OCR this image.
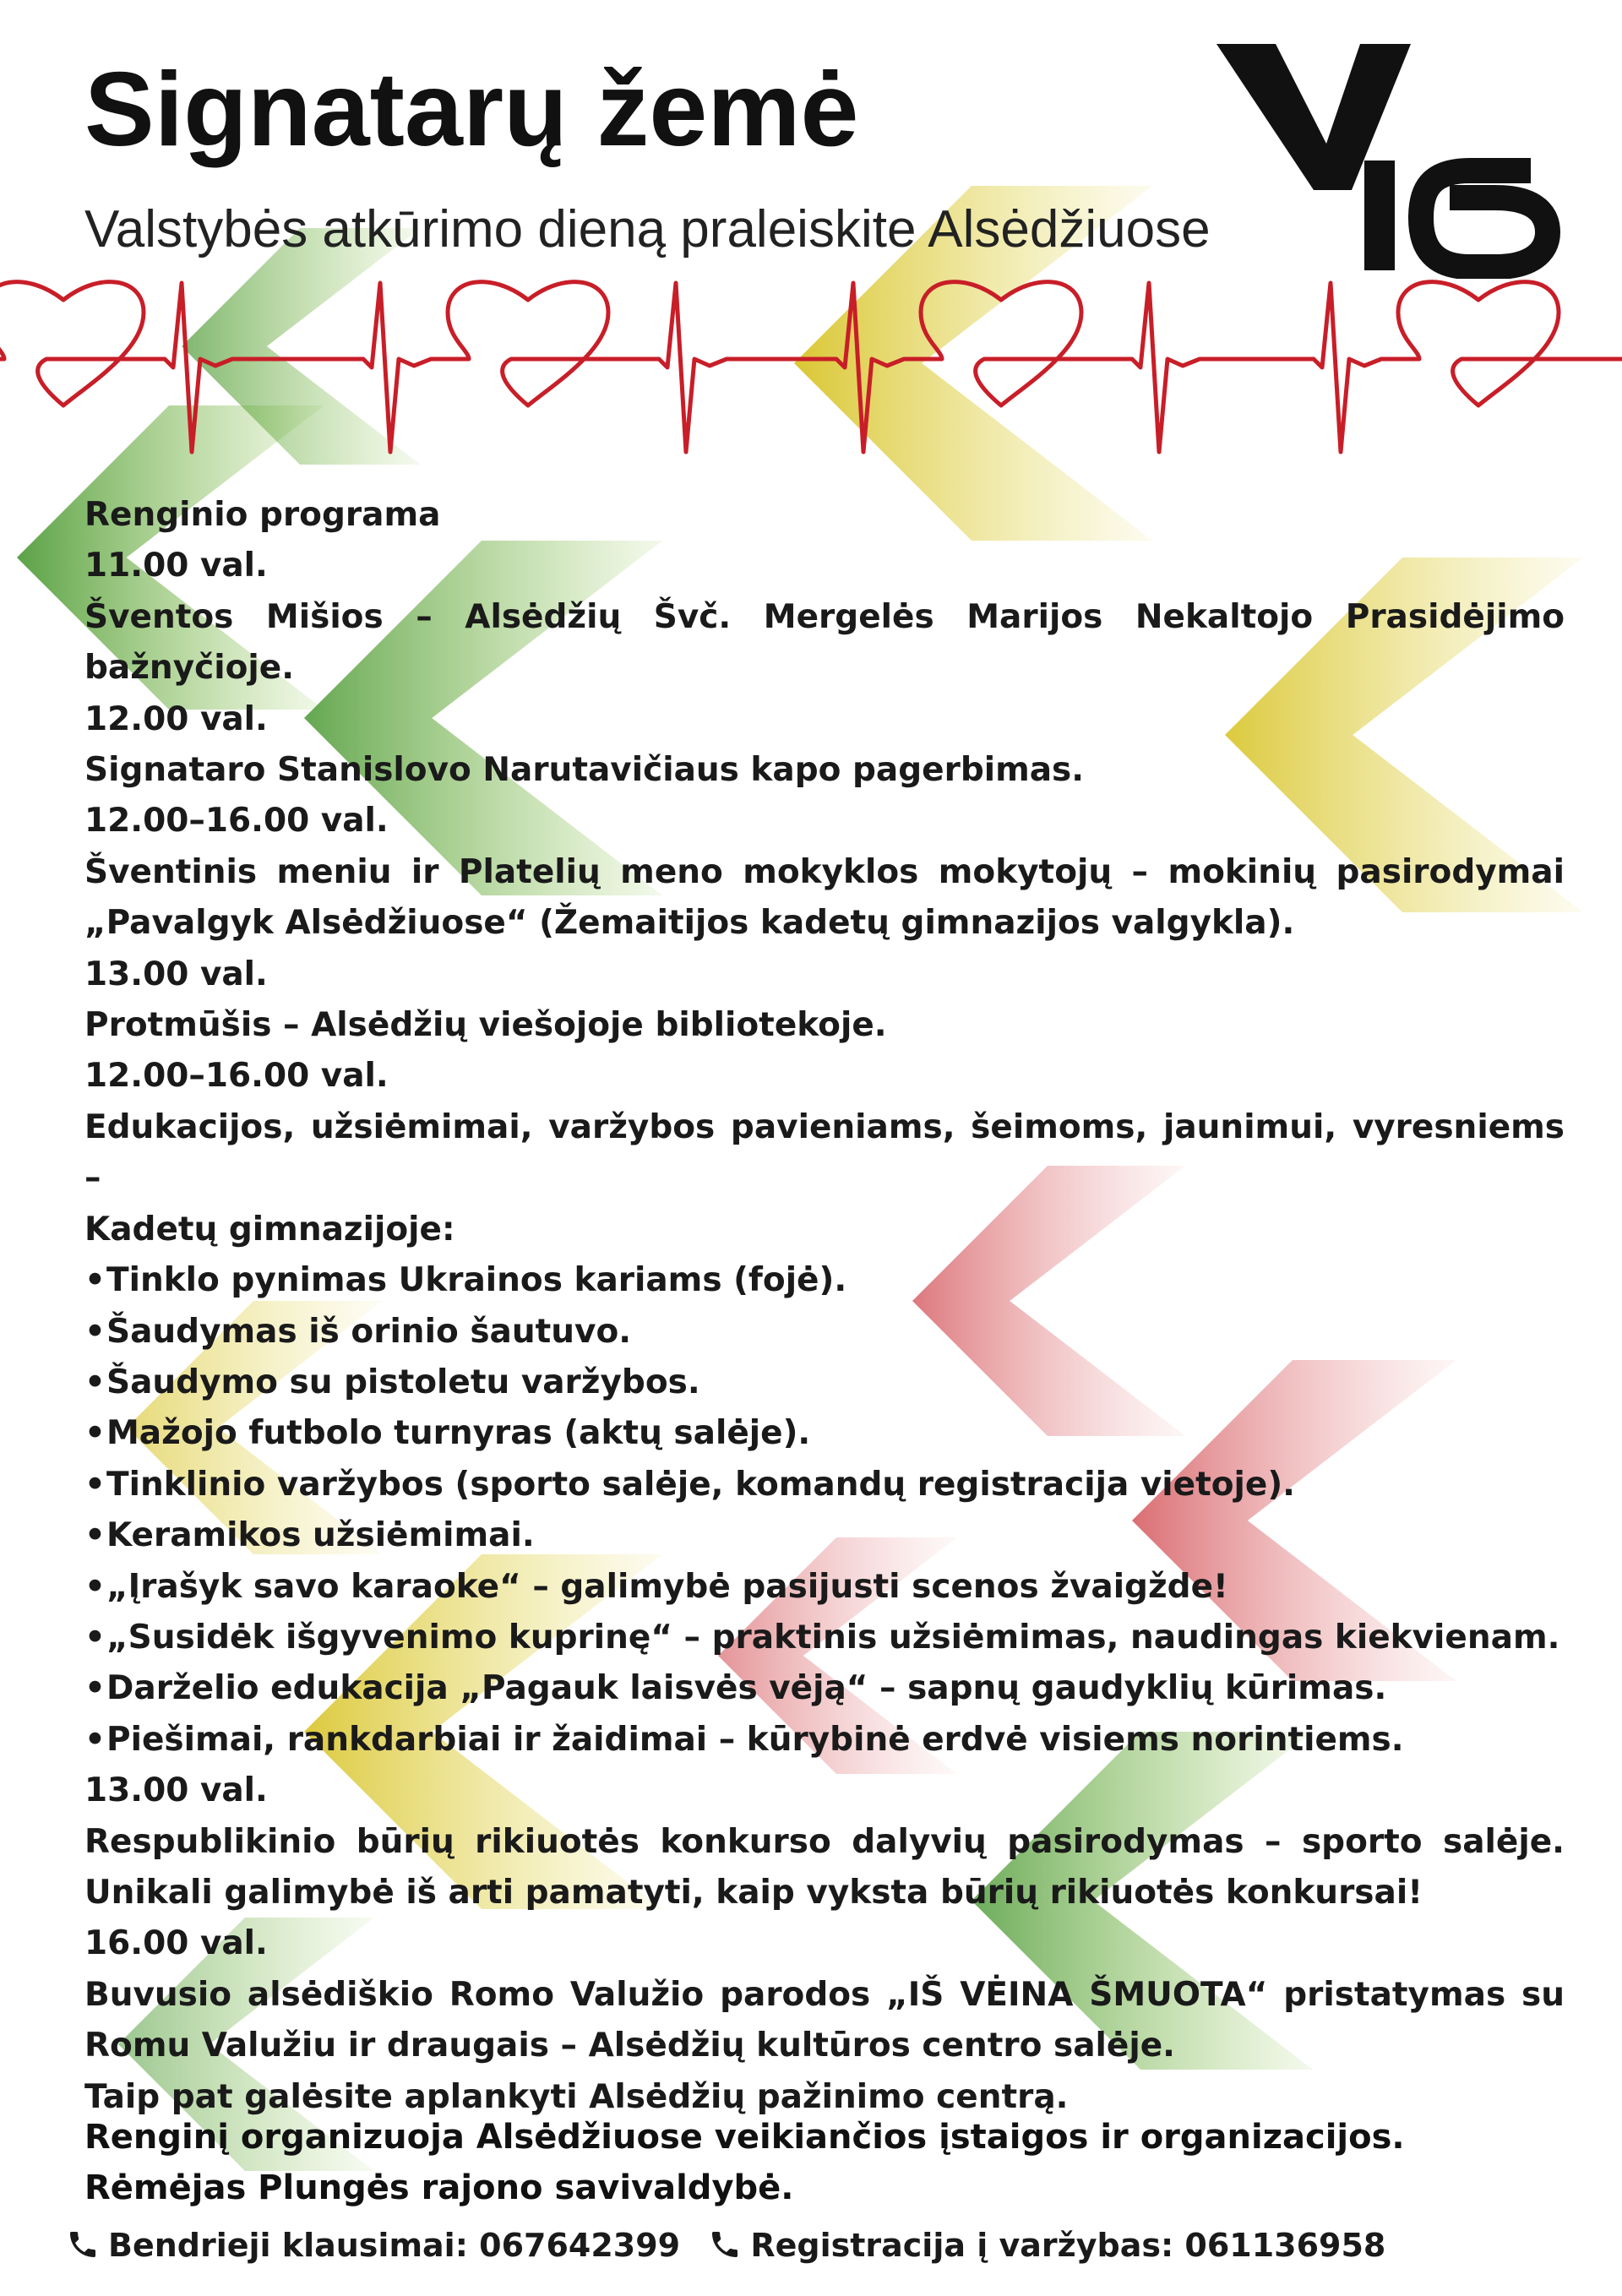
Signatarų žemė

Valstybės atkūrimo dieną praleiskite Alsėdžiuose

Renginio programa
11.00 val.
Šventos Mišios – Alsėdžių Švč. Mergelės Marijos Nekaltojo Prasidėjimo
bažnyčioje.
12.00 val.
Signataro Stanislovo Narutavičiaus kapo pagerbimas.
12.00–16.00 val.
Šventinis meniu ir Platelių meno mokyklos mokytojų – mokinių pasirodymai
„Pavalgyk Alsėdžiuose“ (Žemaitijos kadetų gimnazijos valgykla).
13.00 val.
Protmūšis – Alsėdžių viešojoje bibliotekoje.
12.00–16.00 val.
Edukacijos, užsiėmimai, varžybos pavieniams, šeimoms, jaunimui, vyresniems –
Kadetų gimnazijoje:
•Tinklo pynimas Ukrainos kariams (fojė).
•Šaudymas iš orinio šautuvo.
•Šaudymo su pistoletu varžybos.
•Mažojo futbolo turnyras (aktų salėje).
•Tinklinio varžybos (sporto salėje, komandų registracija vietoje).
•Keramikos užsiėmimai.
•„Įrašyk savo karaoke“ – galimybė pasijusti scenos žvaigžde!
•„Susidėk išgyvenimo kuprinę“ – praktinis užsiėmimas, naudingas kiekvienam.
•Darželio edukacija „Pagauk laisvės vėją“ – sapnų gaudyklių kūrimas.
•Piešimai, rankdarbiai ir žaidimai – kūrybinė erdvė visiems norintiems.
13.00 val.
Respublikinio būrių rikiuotės konkurso dalyvių pasirodymas – sporto salėje.
Unikali galimybė iš arti pamatyti, kaip vyksta būrių rikiuotės konkursai!
16.00 val.
Buvusio alsėdiškio Romo Valužio parodos „IŠ VĖINA ŠMUOTA“ pristatymas su
Romu Valužiu ir draugais – Alsėdžių kultūros centro salėje.
Taip pat galėsite aplankyti Alsėdžių pažinimo centrą.
Renginį organizuoja Alsėdžiuose veikiančios įstaigos ir organizacijos.
Rėmėjas Plungės rajono savivaldybė.
Bendrieji klausimai: 067642399 Registracija į varžybas: 061136958
